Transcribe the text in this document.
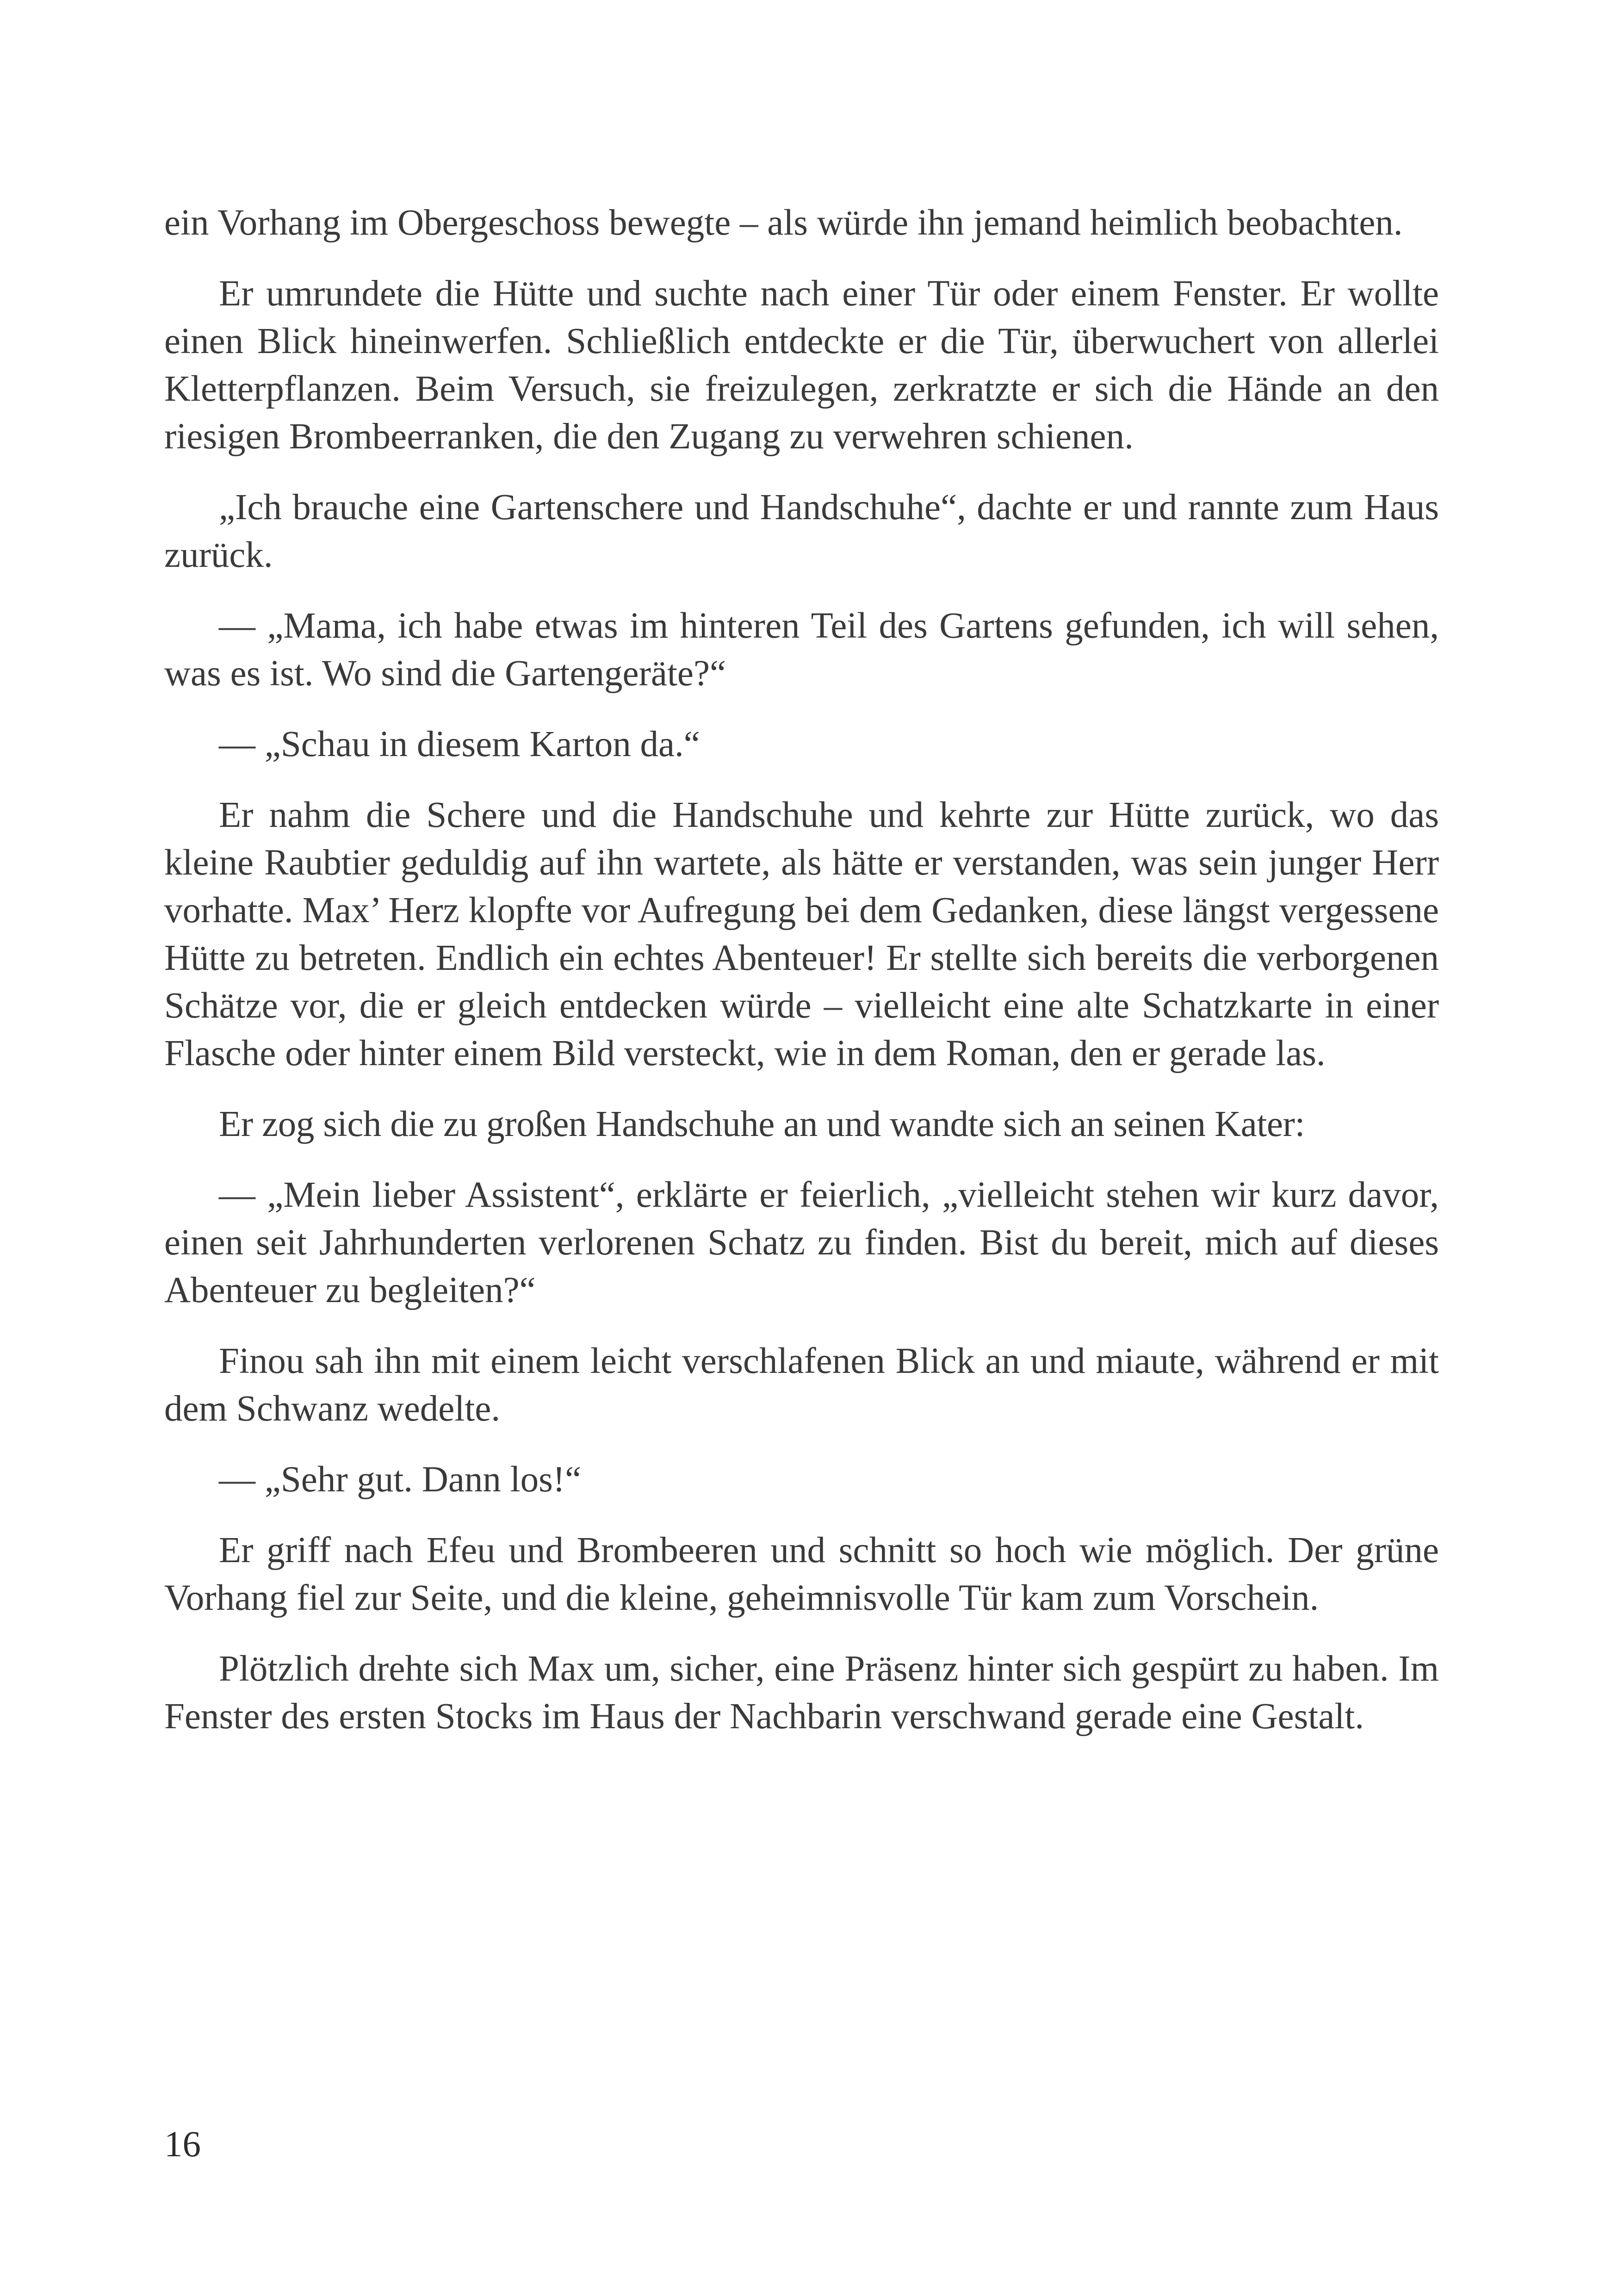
ein Vorhang im Obergeschoss bewegte – als würde ihn jemand heimlich beobachten.

Er umrundete die Hütte und suchte nach einer Tür oder einem Fenster. Er wollte einen Blick hineinwerfen. Schließlich entdeckte er die Tür, überwuchert von allerlei Kletterpflanzen. Beim Versuch, sie freizulegen, zerkratzte er sich die Hände an den riesigen Brombeerranken, die den Zugang zu verwehren schienen.

„Ich brauche eine Gartenschere und Handschuhe“, dachte er und rannte zum Haus zurück.

— „Mama, ich habe etwas im hinteren Teil des Gartens gefunden, ich will sehen, was es ist. Wo sind die Gartengeräte?“

— „Schau in diesem Karton da.“

Er nahm die Schere und die Handschuhe und kehrte zur Hütte zurück, wo das kleine Raubtier geduldig auf ihn wartete, als hätte er verstanden, was sein junger Herr vorhatte. Max’ Herz klopfte vor Aufregung bei dem Gedanken, diese längst vergessene Hütte zu betreten. Endlich ein echtes Abenteuer! Er stellte sich bereits die verborgenen Schätze vor, die er gleich entdecken würde – vielleicht eine alte Schatzkarte in einer Flasche oder hinter einem Bild versteckt, wie in dem Roman, den er gerade las.

Er zog sich die zu großen Handschuhe an und wandte sich an seinen Kater:

— „Mein lieber Assistent“, erklärte er feierlich, „vielleicht stehen wir kurz davor, einen seit Jahrhunderten verlorenen Schatz zu finden. Bist du bereit, mich auf dieses Abenteuer zu begleiten?“

Finou sah ihn mit einem leicht verschlafenen Blick an und miaute, während er mit dem Schwanz wedelte.

— „Sehr gut. Dann los!“

Er griff nach Efeu und Brombeeren und schnitt so hoch wie möglich. Der grüne Vorhang fiel zur Seite, und die kleine, geheimnisvolle Tür kam zum Vorschein.

Plötzlich drehte sich Max um, sicher, eine Präsenz hinter sich gespürt zu haben. Im Fenster des ersten Stocks im Haus der Nachbarin verschwand gerade eine Gestalt.

16
